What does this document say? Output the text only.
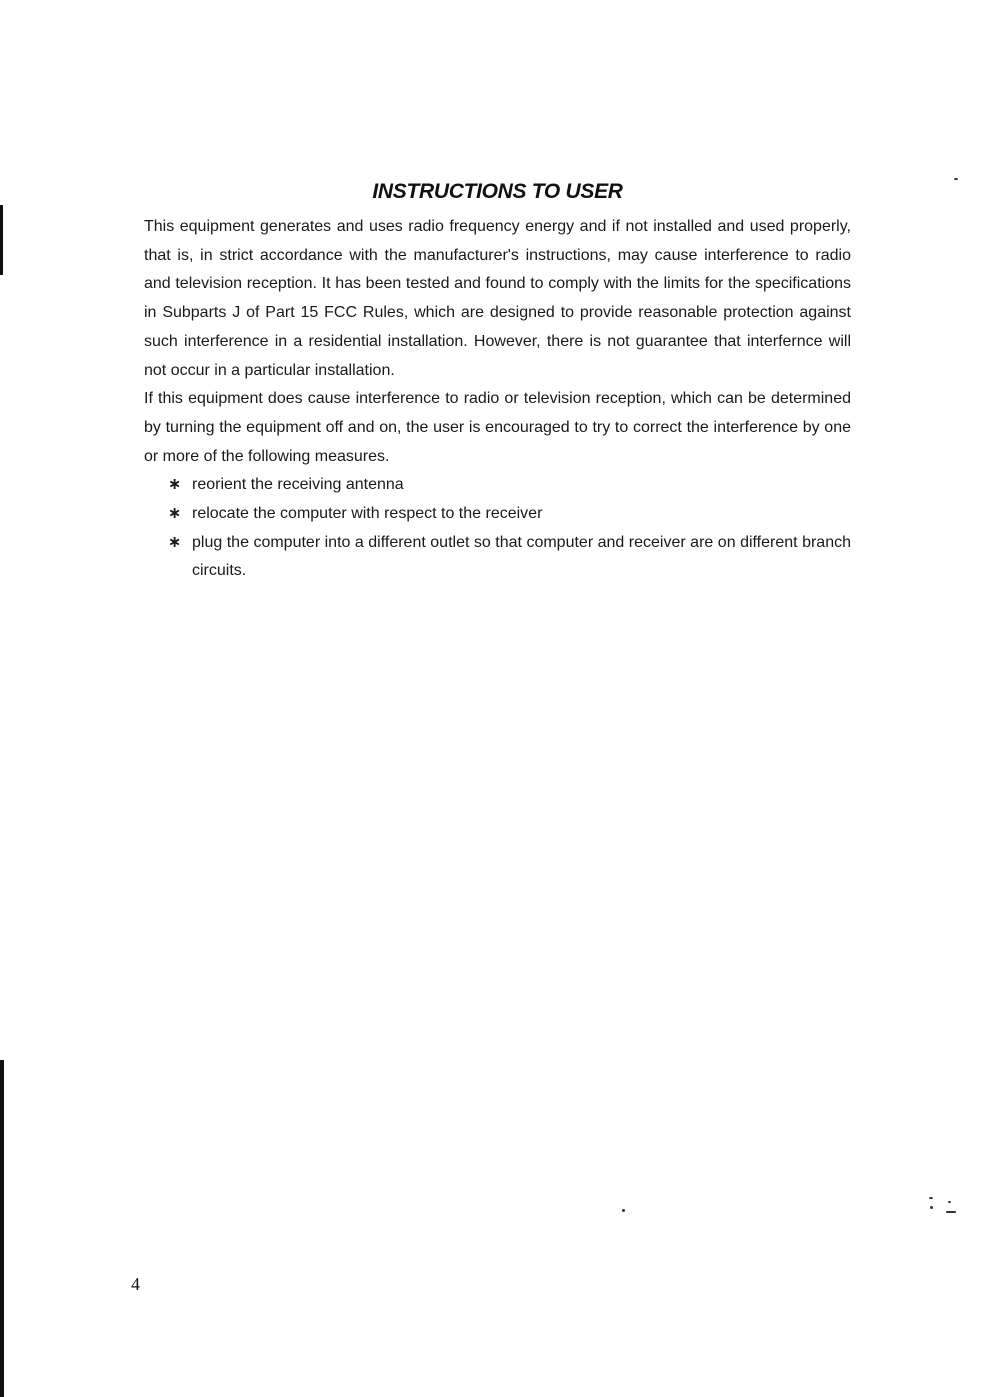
INSTRUCTIONS TO USER

This equipment generates and uses radio frequency energy and if not installed and used properly, that is, in strict accordance with the manufacturer's instructions, may cause interference to radio and television reception. It has been tested and found to comply with the limits for the specifications in Subparts J of Part 15 FCC Rules, which are designed to provide reasonable protection against such interference in a residential installation. However, there is not guarantee that interfernce will not occur in a particular installation.

If this equipment does cause interference to radio or television reception, which can be determined by turning the equipment off and on, the user is encouraged to try to correct the interference by one or more of the following measures.

∗ reorient the receiving antenna
∗ relocate the computer with respect to the receiver
∗ plug the computer into a different outlet so that computer and receiver are on different branch circuits.
4
